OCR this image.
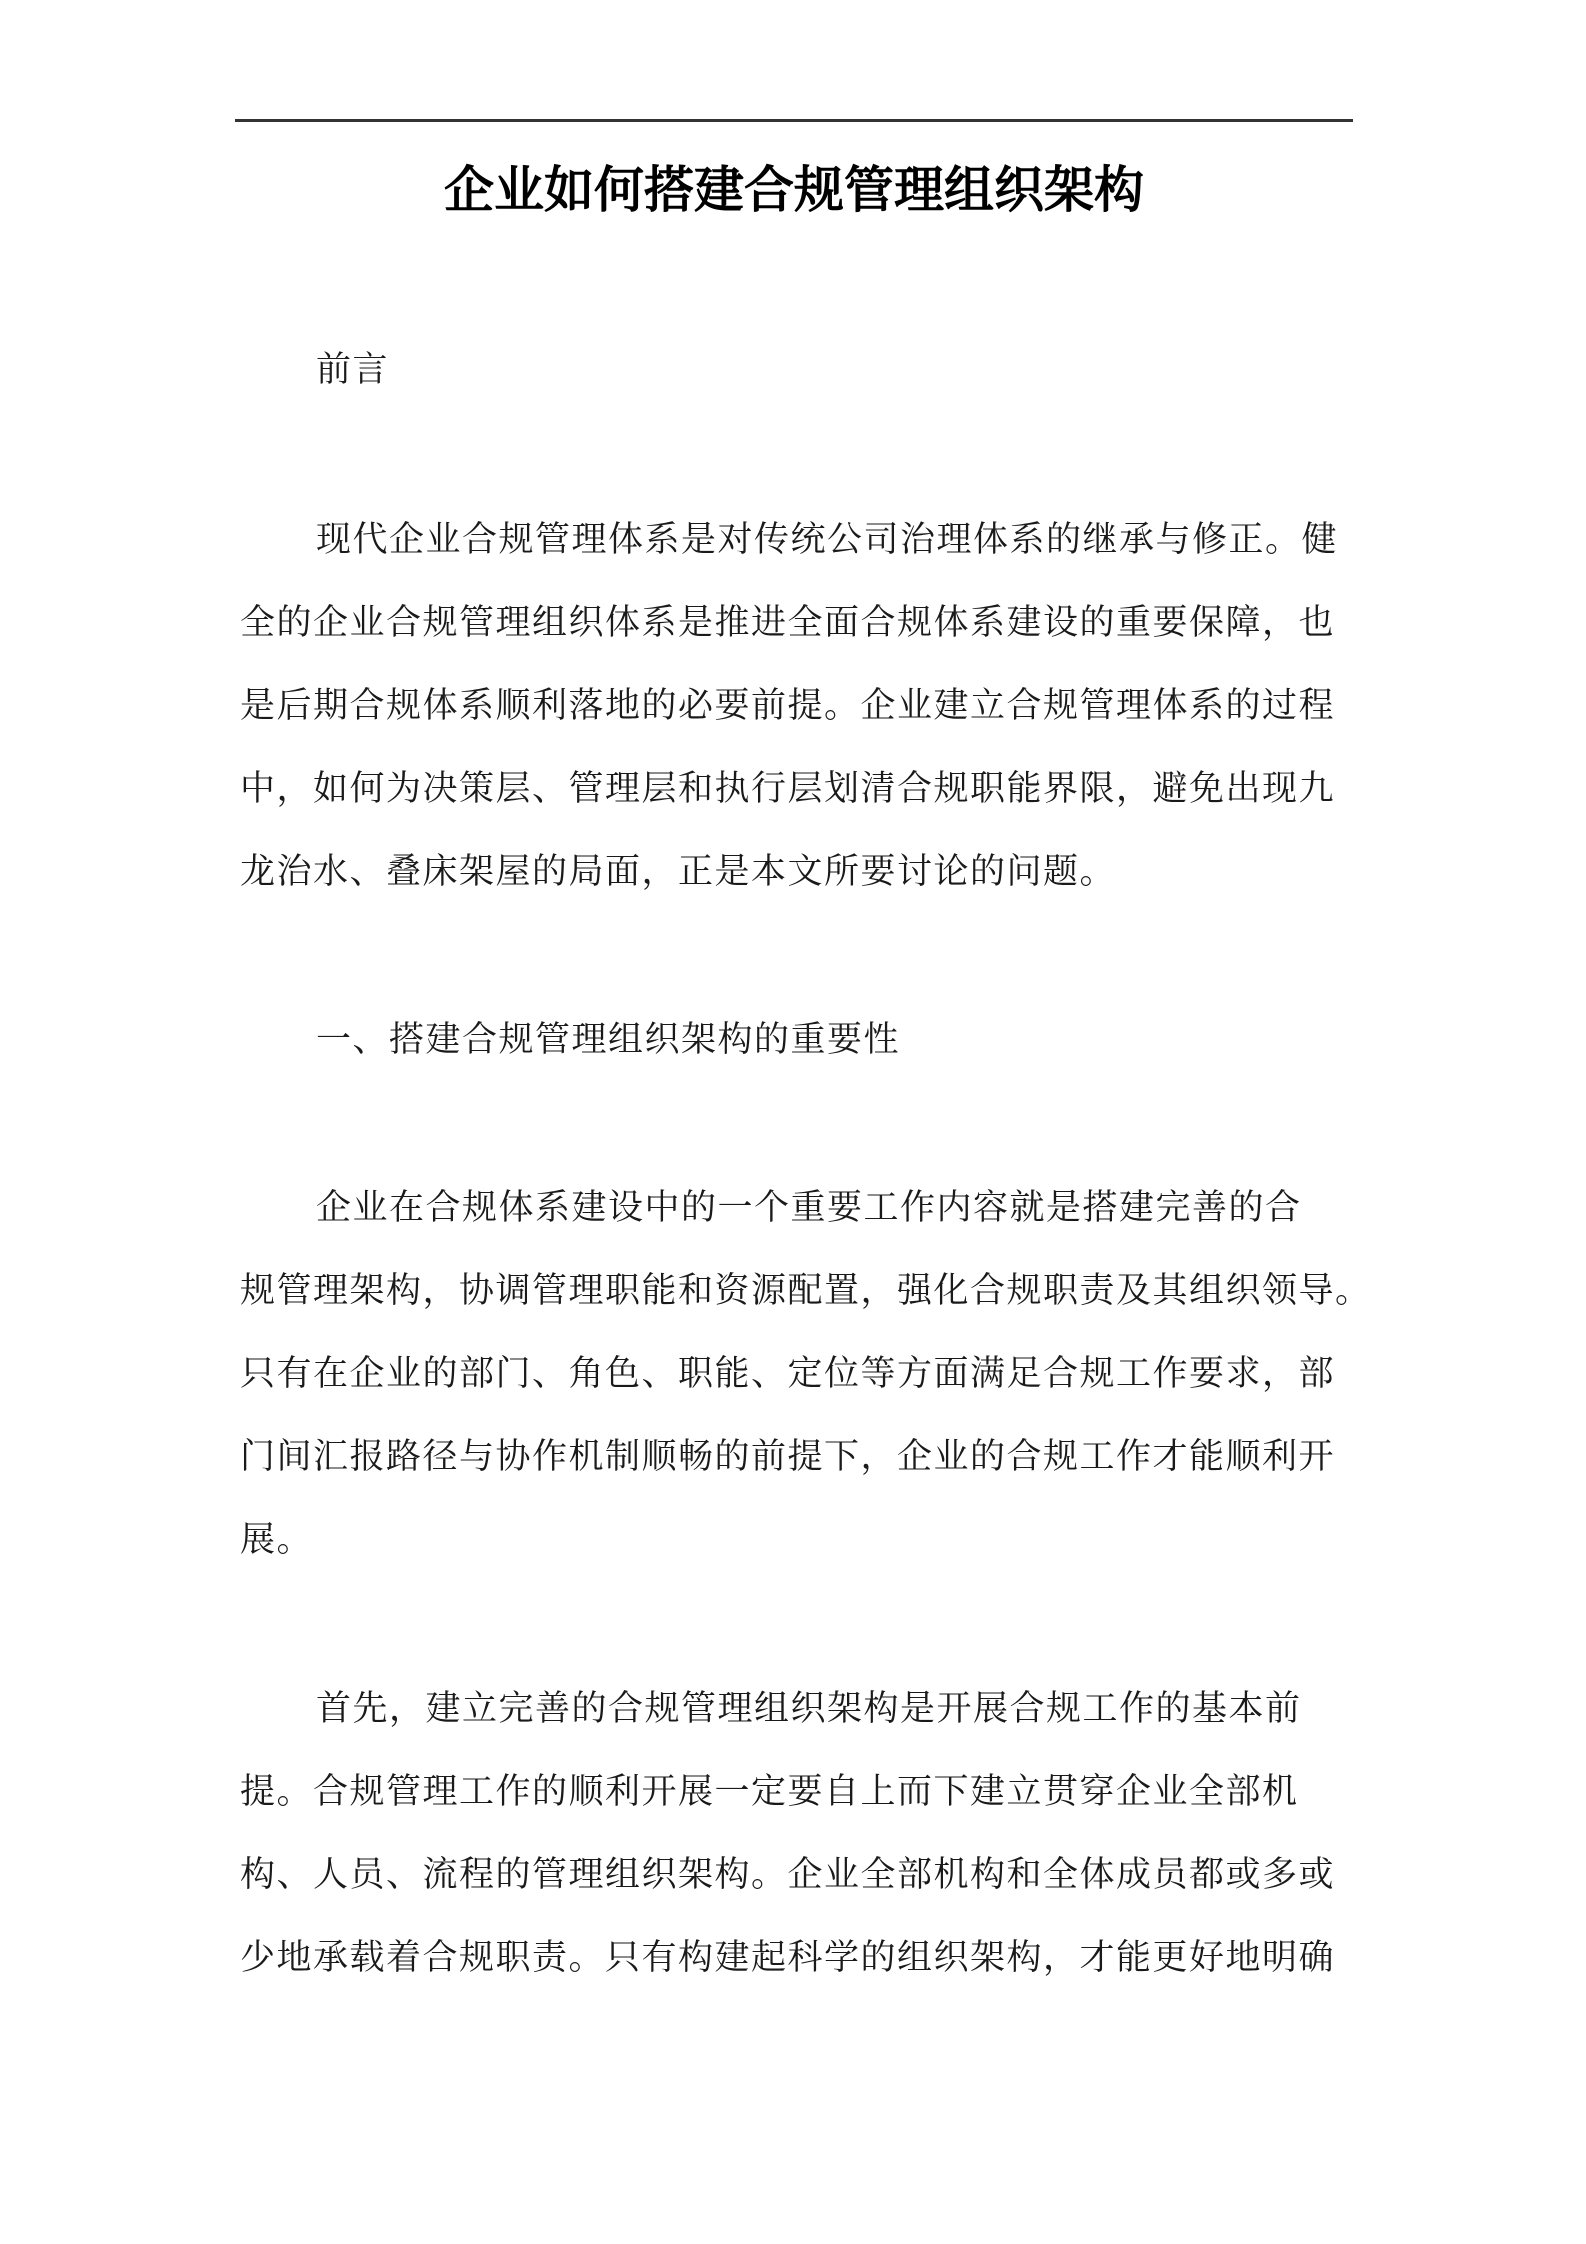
企业如何搭建合规管理组织架构
前言
现代企业合规管理体系是对传统公司治理体系的继承与修正。健
全的企业合规管理组织体系是推进全面合规体系建设的重要保障，也
是后期合规体系顺利落地的必要前提。企业建立合规管理体系的过程
中，如何为决策层、管理层和执行层划清合规职能界限，避免出现九
龙治水、叠床架屋的局面，正是本文所要讨论的问题。
一、搭建合规管理组织架构的重要性
企业在合规体系建设中的一个重要工作内容就是搭建完善的合
规管理架构，协调管理职能和资源配置，强化合规职责及其组织领导。
只有在企业的部门、角色、职能、定位等方面满足合规工作要求，部
门间汇报路径与协作机制顺畅的前提下，企业的合规工作才能顺利开
展。
首先，建立完善的合规管理组织架构是开展合规工作的基本前
提。合规管理工作的顺利开展一定要自上而下建立贯穿企业全部机
构、人员、流程的管理组织架构。企业全部机构和全体成员都或多或
少地承载着合规职责。只有构建起科学的组织架构，才能更好地明确
